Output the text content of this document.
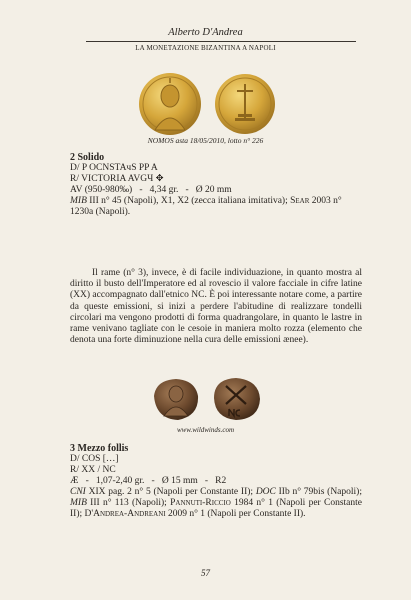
Alberto D'Andrea
LA MONETAZIONE BIZANTINA A NAPOLI
NOMOS asta 18/05/2010, lotto n° 226
2 Solido
D/ P OCNSTAчS PP A
R/ VICTORIA AVGЧ ✥
AV (950-980‰)   -   4,34 gr.   -   Ø 20 mm
MIB III n° 45 (Napoli), X1, X2 (zecca italiana imitativa); Sear 2003 n°
1230a (Napoli).

Il rame (n° 3), invece, è di facile individuazione, in quanto mostra al diritto il busto dell'Imperatore ed al rovescio il valore facciale in cifre latine (XX) accompagnato dall'etnico NC. È poi interessante notare come, a partire da queste emissioni, si inizi a perdere l'abitudine di realizzare tondelli circolari ma vengono prodotti di forma quadrangolare, in quanto le lastre in rame venivano tagliate con le cesoie in maniera molto rozza (elemento che denota una forte diminuzione nella cura delle emissioni ænee).

www.wildwinds.com
3 Mezzo follis
D/ COS […]
R/ XX / NC
Æ   -   1,07-2,40 gr.   -   Ø 15 mm   -   R2
CNI XIX pag. 2 n° 5 (Napoli per Constante II); DOC IIb n° 79bis (Napoli); MIB III n° 113 (Napoli); Pannuti-Riccio 1984 n° 1 (Napoli per Constante II); D'Andrea-Andreani 2009 n° 1 (Napoli per Constante II).
57
